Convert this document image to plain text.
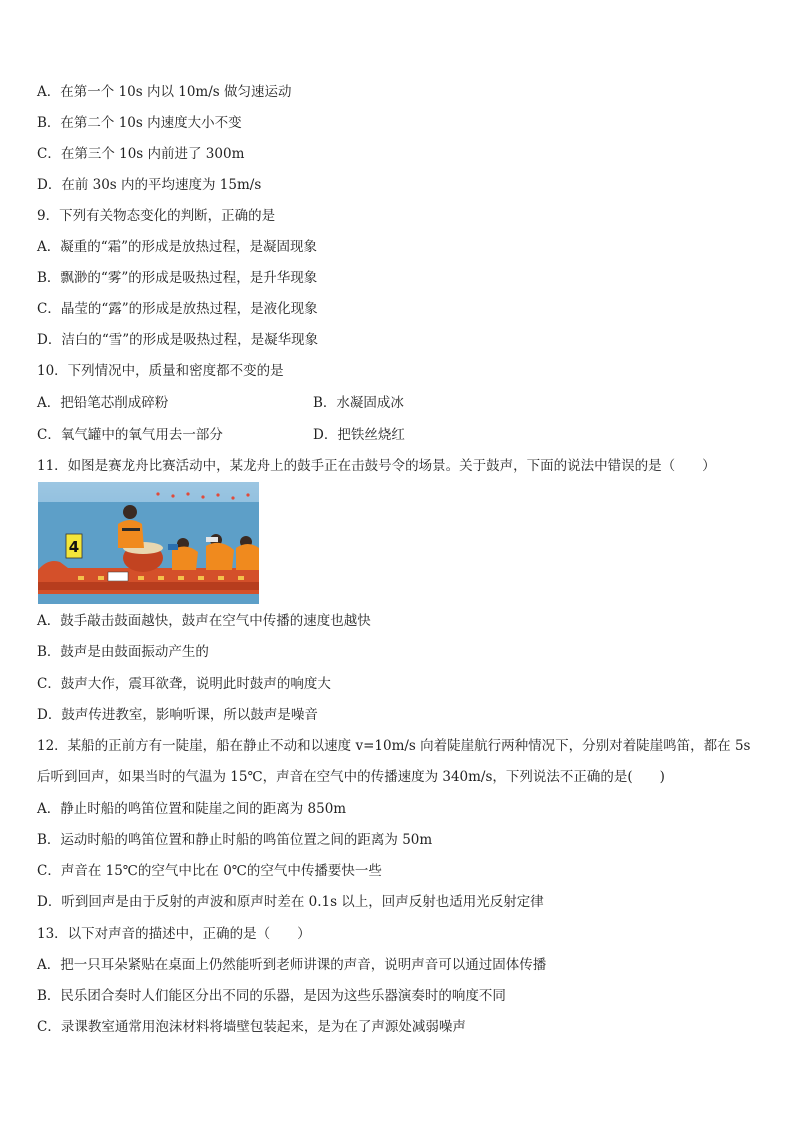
A．在第一个 10s 内以 10m/s 做匀速运动
B．在第二个 10s 内速度大小不变
C．在第三个 10s 内前进了 300m
D．在前 30s 内的平均速度为 15m/s
9．下列有关物态变化的判断，正确的是
A．凝重的“霜”的形成是放热过程，是凝固现象
B．飘渺的“雾”的形成是吸热过程，是升华现象
C．晶莹的“露”的形成是放热过程，是液化现象
D．洁白的“雪”的形成是吸热过程，是凝华现象
10．下列情况中，质量和密度都不变的是
A．把铅笔芯削成碎粉	B．水凝固成冰
C．氧气罐中的氧气用去一部分	D．把铁丝烧红
11．如图是赛龙舟比赛活动中，某龙舟上的鼓手正在击鼓号令的场景。关于鼓声，下面的说法中错误的是（　　）
4
A．鼓手敲击鼓面越快，鼓声在空气中传播的速度也越快
B．鼓声是由鼓面振动产生的
C．鼓声大作，震耳欲聋，说明此时鼓声的响度大
D．鼓声传进教室，影响听课，所以鼓声是噪音
12．某船的正前方有一陡崖，船在静止不动和以速度 v=10m/s 向着陡崖航行两种情况下，分别对着陡崖鸣笛，都在 5s
后听到回声，如果当时的气温为 15℃，声音在空气中的传播速度为 340m/s，下列说法不正确的是(　　)
A．静止时船的鸣笛位置和陡崖之间的距离为 850m
B．运动时船的鸣笛位置和静止时船的鸣笛位置之间的距离为 50m
C．声音在 15℃的空气中比在 0℃的空气中传播要快一些
D．听到回声是由于反射的声波和原声时差在 0.1s 以上，回声反射也适用光反射定律
13．以下对声音的描述中，正确的是（　　）
A．把一只耳朵紧贴在桌面上仍然能听到老师讲课的声音，说明声音可以通过固体传播
B．民乐团合奏时人们能区分出不同的乐器，是因为这些乐器演奏时的响度不同
C．录课教室通常用泡沫材料将墙壁包装起来，是为在了声源处减弱噪声
